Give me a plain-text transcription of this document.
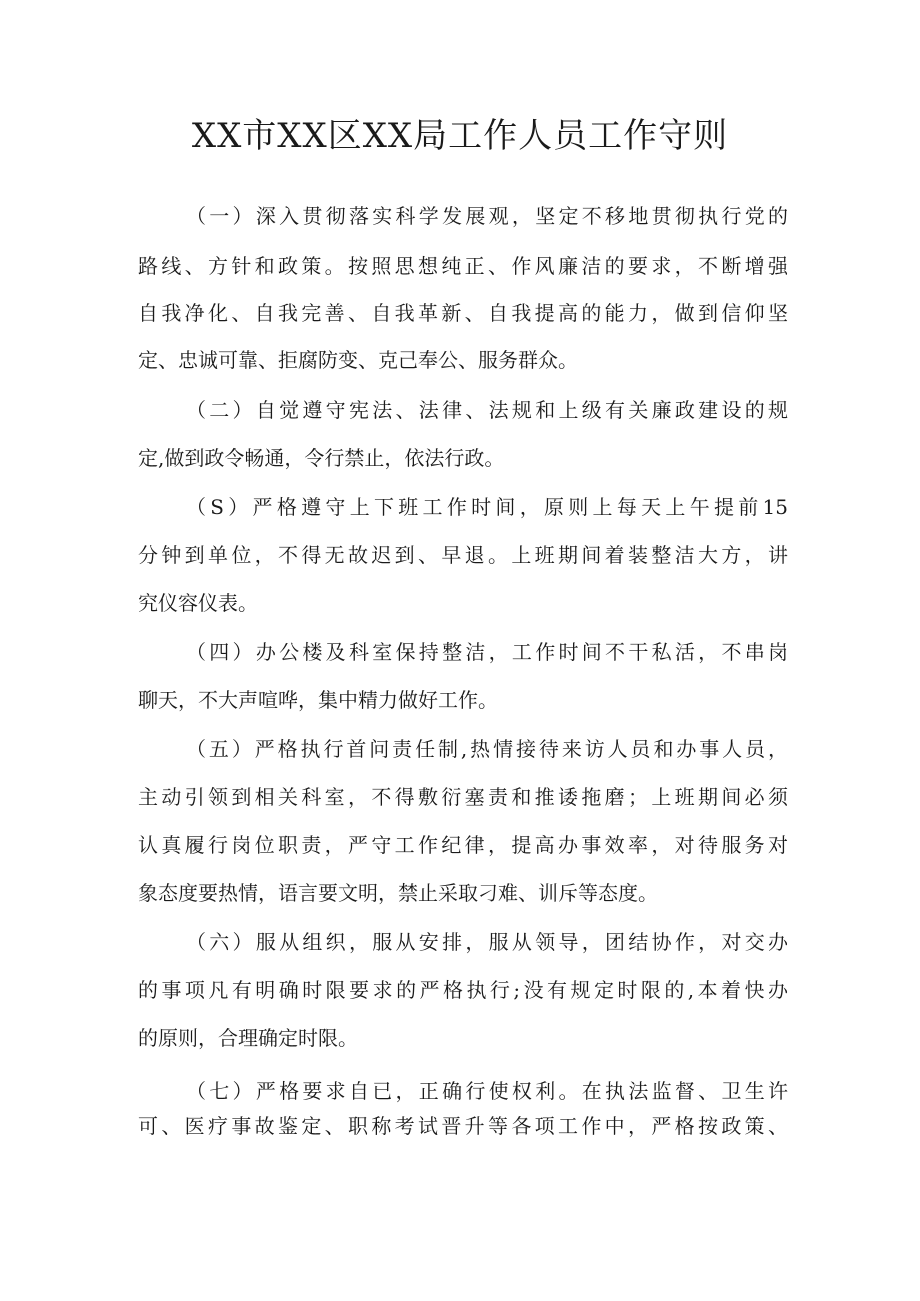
XX市XX区XX局工作人员工作守则
（一）深入贯彻落实科学发展观，坚定不移地贯彻执行党的
路线、方针和政策。按照思想纯正、作风廉洁的要求，不断增强
自我净化、自我完善、自我革新、自我提高的能力，做到信仰坚
定、忠诚可靠、拒腐防变、克己奉公、服务群众。
（二）自觉遵守宪法、法律、法规和上级有关廉政建设的规
定,做到政令畅通，令行禁止，依法行政。
（S）严格遵守上下班工作时间，原则上每天上午提前15
分钟到单位，不得无故迟到、早退。上班期间着装整洁大方，讲
究仪容仪表。
（四）办公楼及科室保持整洁，工作时间不干私活，不串岗
聊天，不大声喧哗，集中精力做好工作。
（五）严格执行首问责任制,热情接待来访人员和办事人员，
主动引领到相关科室，不得敷衍塞责和推诿拖磨；上班期间必须
认真履行岗位职责，严守工作纪律，提高办事效率，对待服务对
象态度要热情，语言要文明，禁止采取刁难、训斥等态度。
（六）服从组织，服从安排，服从领导，团结协作，对交办
的事项凡有明确时限要求的严格执行;没有规定时限的,本着快办
的原则，合理确定时限。
（七）严格要求自已，正确行使权利。在执法监督、卫生许
可、医疗事故鉴定、职称考试晋升等各项工作中，严格按政策、
